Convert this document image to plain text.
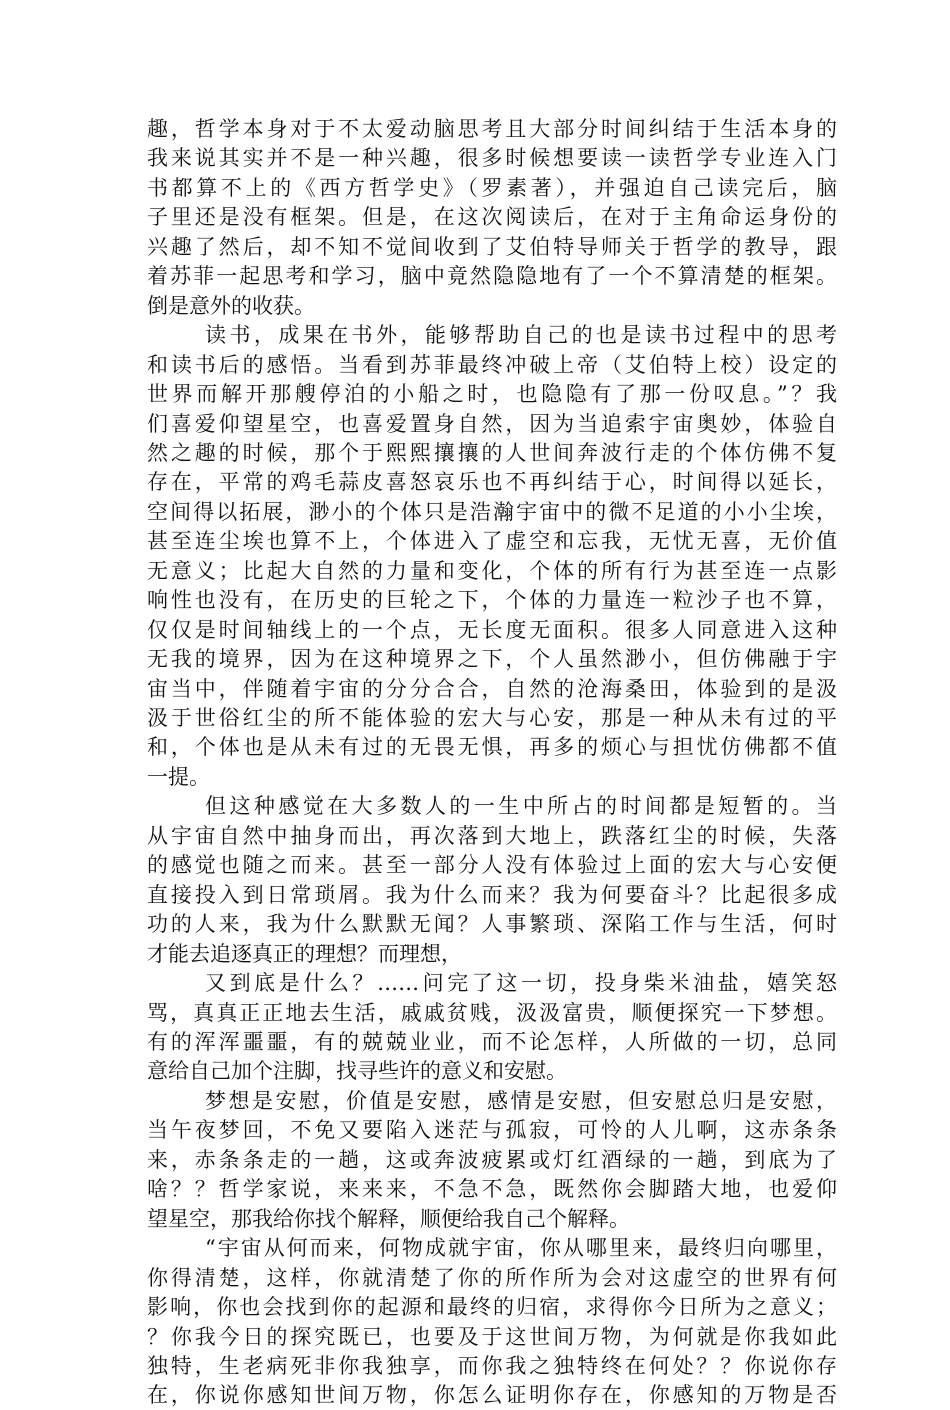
趣，哲学本身对于不太爱动脑思考且大部分时间纠结于生活本身的
我来说其实并不是一种兴趣，很多时候想要读一读哲学专业连入门
书都算不上的《西方哲学史》（罗素著），并强迫自己读完后，脑
子里还是没有框架。但是，在这次阅读后，在对于主角命运身份的
兴趣了然后，却不知不觉间收到了艾伯特导师关于哲学的教导，跟
着苏菲一起思考和学习，脑中竟然隐隐地有了一个不算清楚的框架。
倒是意外的收获。
读书，成果在书外，能够帮助自己的也是读书过程中的思考
和读书后的感悟。当看到苏菲最终冲破上帝（艾伯特上校）设定的
世界而解开那艘停泊的小船之时，也隐隐有了那一份叹息。”？我
们喜爱仰望星空，也喜爱置身自然，因为当追索宇宙奥妙，体验自
然之趣的时候，那个于熙熙攘攘的人世间奔波行走的个体仿佛不复
存在，平常的鸡毛蒜皮喜怒哀乐也不再纠结于心，时间得以延长，
空间得以拓展，渺小的个体只是浩瀚宇宙中的微不足道的小小尘埃，
甚至连尘埃也算不上，个体进入了虚空和忘我，无忧无喜，无价值
无意义；比起大自然的力量和变化，个体的所有行为甚至连一点影
响性也没有，在历史的巨轮之下，个体的力量连一粒沙子也不算，
仅仅是时间轴线上的一个点，无长度无面积。很多人同意进入这种
无我的境界，因为在这种境界之下，个人虽然渺小，但仿佛融于宇
宙当中，伴随着宇宙的分分合合，自然的沧海桑田，体验到的是汲
汲于世俗红尘的所不能体验的宏大与心安，那是一种从未有过的平
和，个体也是从未有过的无畏无惧，再多的烦心与担忧仿佛都不值
一提。
但这种感觉在大多数人的一生中所占的时间都是短暂的。当
从宇宙自然中抽身而出，再次落到大地上，跌落红尘的时候，失落
的感觉也随之而来。甚至一部分人没有体验过上面的宏大与心安便
直接投入到日常琐屑。我为什么而来？我为何要奋斗？比起很多成
功的人来，我为什么默默无闻？人事繁琐、深陷工作与生活，何时
才能去追逐真正的理想？而理想，
又到底是什么？……问完了这一切，投身柴米油盐，嬉笑怒
骂，真真正正地去生活，戚戚贫贱，汲汲富贵，顺便探究一下梦想。
有的浑浑噩噩，有的兢兢业业，而不论怎样，人所做的一切，总同
意给自己加个注脚，找寻些许的意义和安慰。
梦想是安慰，价值是安慰，感情是安慰，但安慰总归是安慰，
当午夜梦回，不免又要陷入迷茫与孤寂，可怜的人儿啊，这赤条条
来，赤条条走的一趟，这或奔波疲累或灯红酒绿的一趟，到底为了
啥？？哲学家说，来来来，不急不急，既然你会脚踏大地，也爱仰
望星空，那我给你找个解释，顺便给我自己个解释。
“宇宙从何而来，何物成就宇宙，你从哪里来，最终归向哪里，
你得清楚，这样，你就清楚了你的所作所为会对这虚空的世界有何
影响，你也会找到你的起源和最终的归宿，求得你今日所为之意义；
？你我今日的探究既已，也要及于这世间万物，为何就是你我如此
独特，生老病死非你我独享，而你我之独特终在何处？？你说你存
在，你说你感知世间万物，你怎么证明你存在，你感知的万物是否
